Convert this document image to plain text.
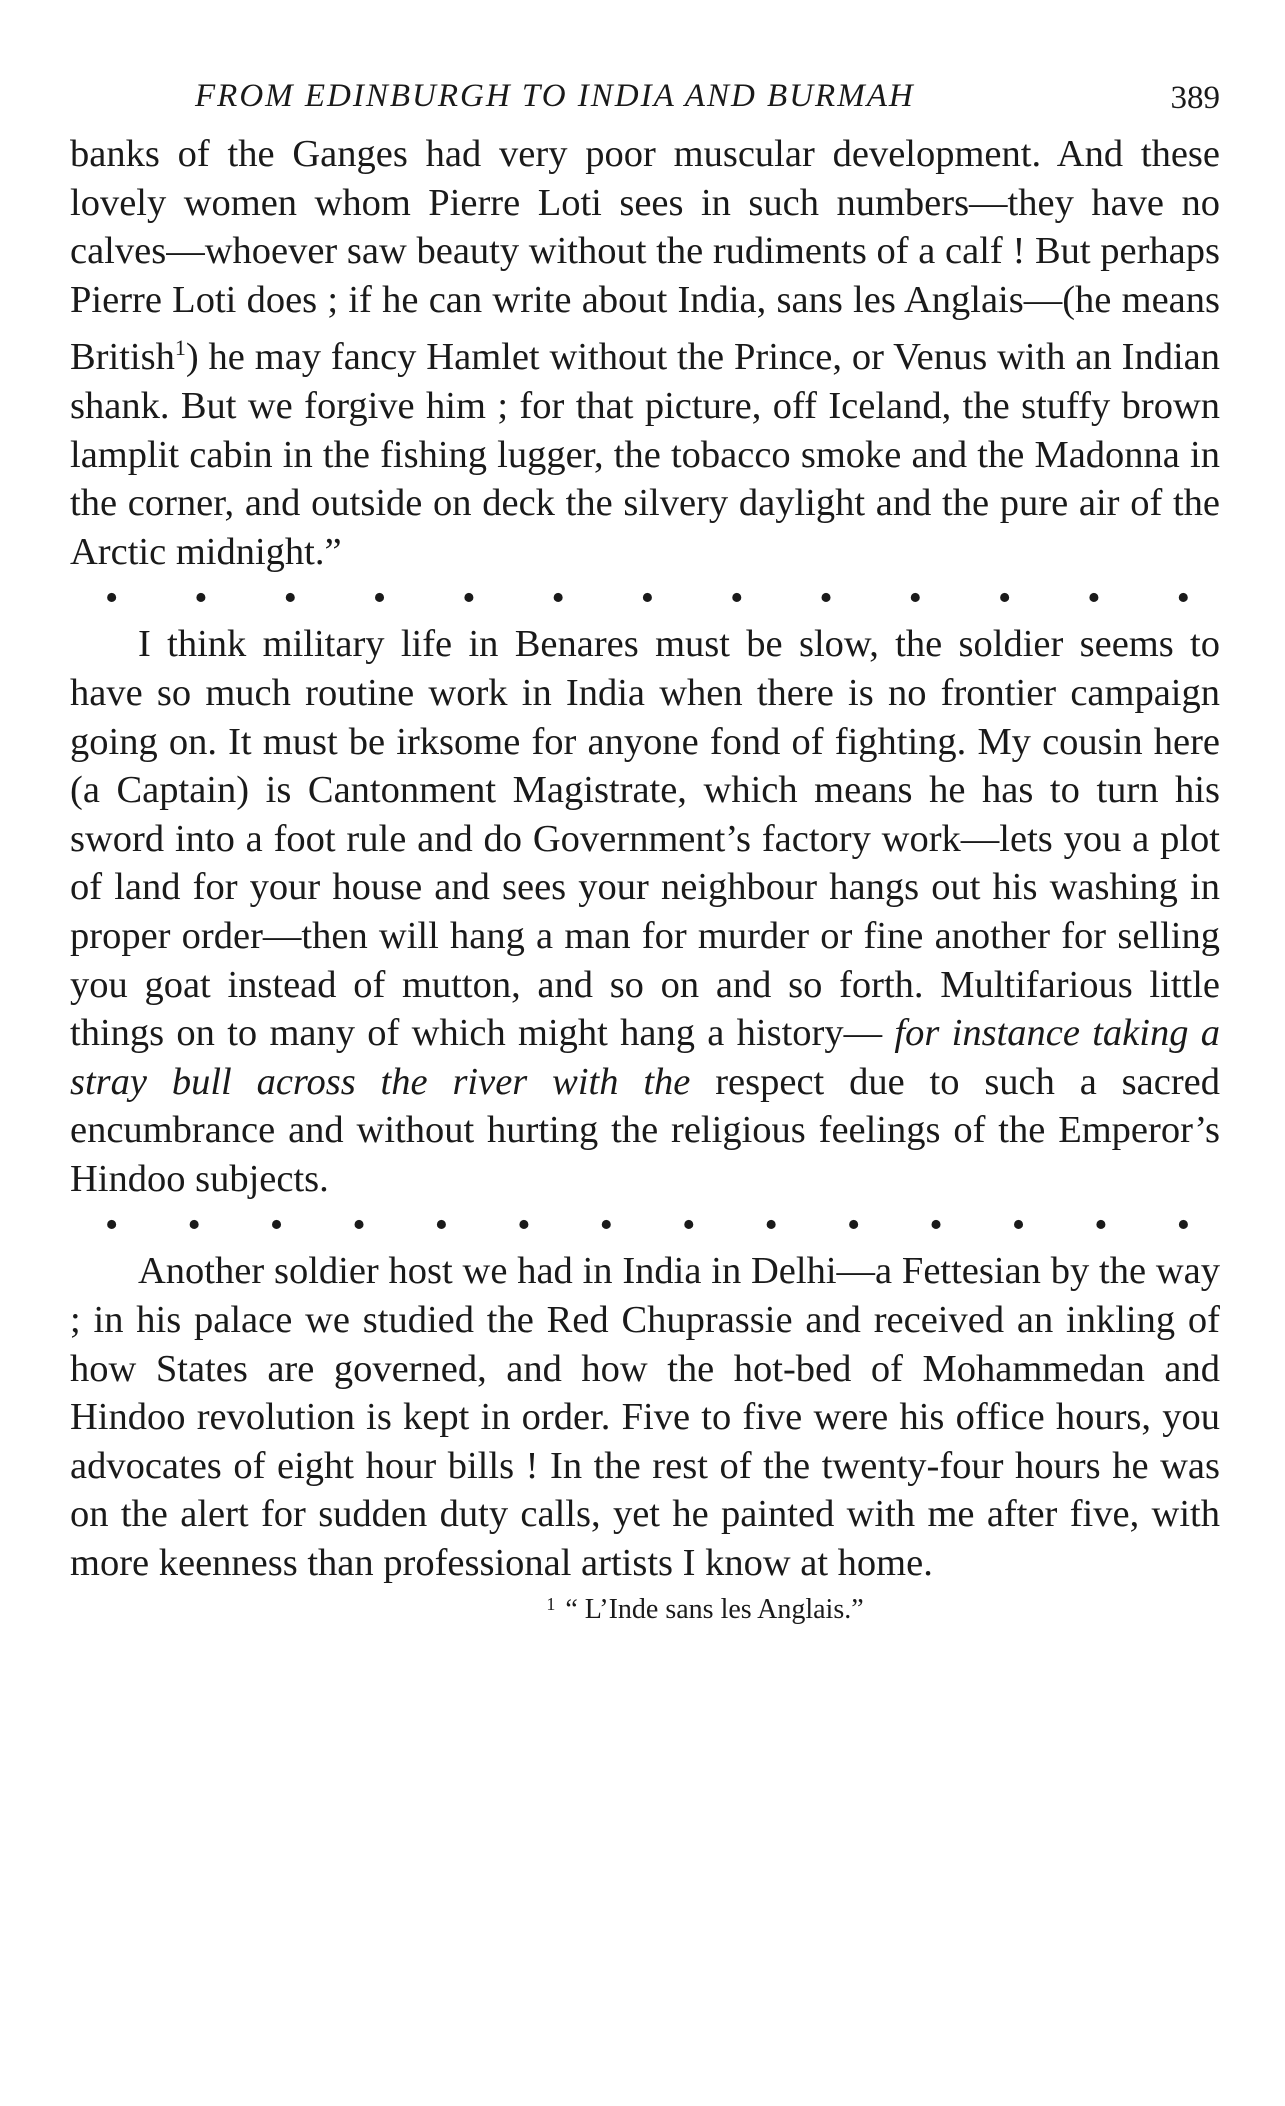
FROM EDINBURGH TO INDIA AND BURMAH	389

banks of the Ganges had very poor muscular development. And these lovely women whom Pierre Loti sees in such numbers—they have no calves—whoever saw beauty without the rudiments of a calf ! But perhaps Pierre Loti does ; if he can write about India, sans les Anglais—(he means British$^1$) he may fancy Hamlet without the Prince, or Venus with an Indian shank. But we forgive him ; for that picture, off Iceland, the stuffy brown lamplit cabin in the fishing lugger, the tobacco smoke and the Madonna in the corner, and outside on deck the silvery daylight and the pure air of the Arctic midnight.”

• • • • • • • • • • • • •

I think military life in Benares must be slow, the soldier seems to have so much routine work in India when there is no frontier campaign going on. It must be irksome for anyone fond of fighting. My cousin here (a Captain) is Cantonment Magistrate, which means he has to turn his sword into a foot rule and do Government’s factory work—lets you a plot of land for your house and sees your neighbour hangs out his washing in proper order—then will hang a man for murder or fine another for selling you goat instead of mutton, and so on and so forth. Multifarious little things on to many of which might hang a history— for instance taking a stray bull across the river with the respect due to such a sacred encumbrance and without hurting the religious feelings of the Emperor’s Hindoo subjects.

• • • • • • • • • • • • • •

Another soldier host we had in India in Delhi—a Fettesian by the way ; in his palace we studied the Red Chuprassie and received an inkling of how States are governed, and how the hot-bed of Mohammedan and Hindoo revolution is kept in order. Five to five were his office hours, you advocates of eight hour bills ! In the rest of the twenty-four hours he was on the alert for sudden duty calls, yet he painted with me after five, with more keenness than professional artists I know at home.

$^1$ “ L’Inde sans les Anglais.”
